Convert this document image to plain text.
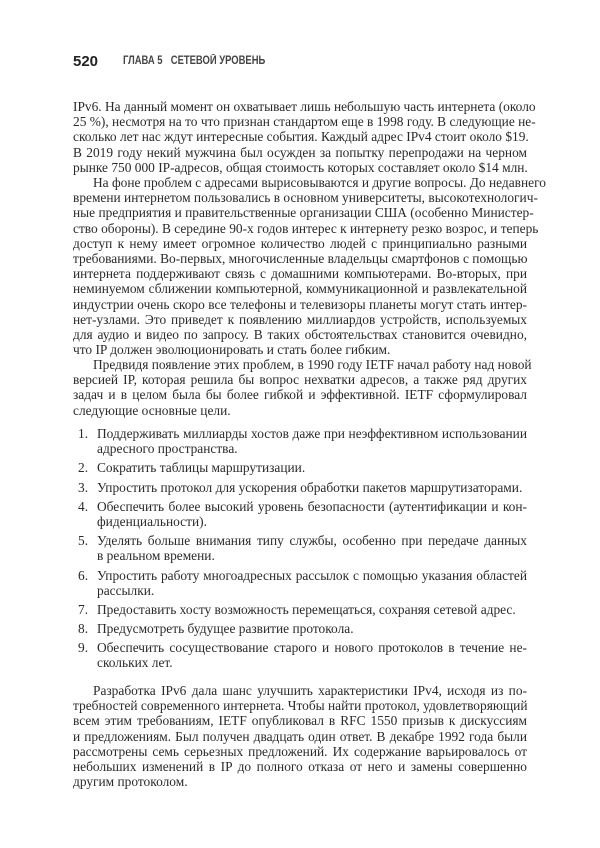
520 ГЛАВА 5 СЕТЕВОЙ УРОВЕНЬ
IPv6. На данный момент он охватывает лишь небольшую часть интернета (около
25 %), несмотря на то что признан стандартом еще в 1998 году. В следующие не-
сколько лет нас ждут интересные события. Каждый адрес IPv4 стоит около $19.
В 2019 году некий мужчина был осужден за попытку перепродажи на черном
рынке 750 000 IP-адресов, общая стоимость которых составляет около $14 млн.
На фоне проблем с адресами вырисовываются и другие вопросы. До недавнего
времени интернетом пользовались в основном университеты, высокотехнологич-
ные предприятия и правительственные организации США (особенно Министер-
ство обороны). В середине 90-х годов интерес к интернету резко возрос, и теперь
доступ к нему имеет огромное количество людей с принципиально разными
требованиями. Во-первых, многочисленные владельцы смартфонов с помощью
интернета поддерживают связь с домашними компьютерами. Во-вторых, при
неминуемом сближении компьютерной, коммуникационной и развлекательной
индустрии очень скоро все телефоны и телевизоры планеты могут стать интер-
нет-узлами. Это приведет к появлению миллиардов устройств, используемых
для аудио и видео по запросу. В таких обстоятельствах становится очевидно,
что IP должен эволюционировать и стать более гибким.
Предвидя появление этих проблем, в 1990 году IETF начал работу над новой
версией IP, которая решила бы вопрос нехватки адресов, а также ряд других
задач и в целом была бы более гибкой и эффективной. IETF сформулировал
следующие основные цели.
1. Поддерживать миллиарды хостов даже при неэффективном использовании
адресного пространства.
2. Сократить таблицы маршрутизации.
3. Упростить протокол для ускорения обработки пакетов маршрутизаторами.
4. Обеспечить более высокий уровень безопасности (аутентификации и кон-
фиденциальности).
5. Уделять больше внимания типу службы, особенно при передаче данных
в реальном времени.
6. Упростить работу многоадресных рассылок с помощью указания областей
рассылки.
7. Предоставить хосту возможность перемещаться, сохраняя сетевой адрес.
8. Предусмотреть будущее развитие протокола.
9. Обеспечить сосуществование старого и нового протоколов в течение не-
скольких лет.
Разработка IPv6 дала шанс улучшить характеристики IPv4, исходя из по-
требностей современного интернета. Чтобы найти протокол, удовлетворяющий
всем этим требованиям, IETF опубликовал в RFC 1550 призыв к дискуссиям
и предложениям. Был получен двадцать один ответ. В декабре 1992 года были
рассмотрены семь серьезных предложений. Их содержание варьировалось от
небольших изменений в IP до полного отказа от него и замены совершенно
другим протоколом.
